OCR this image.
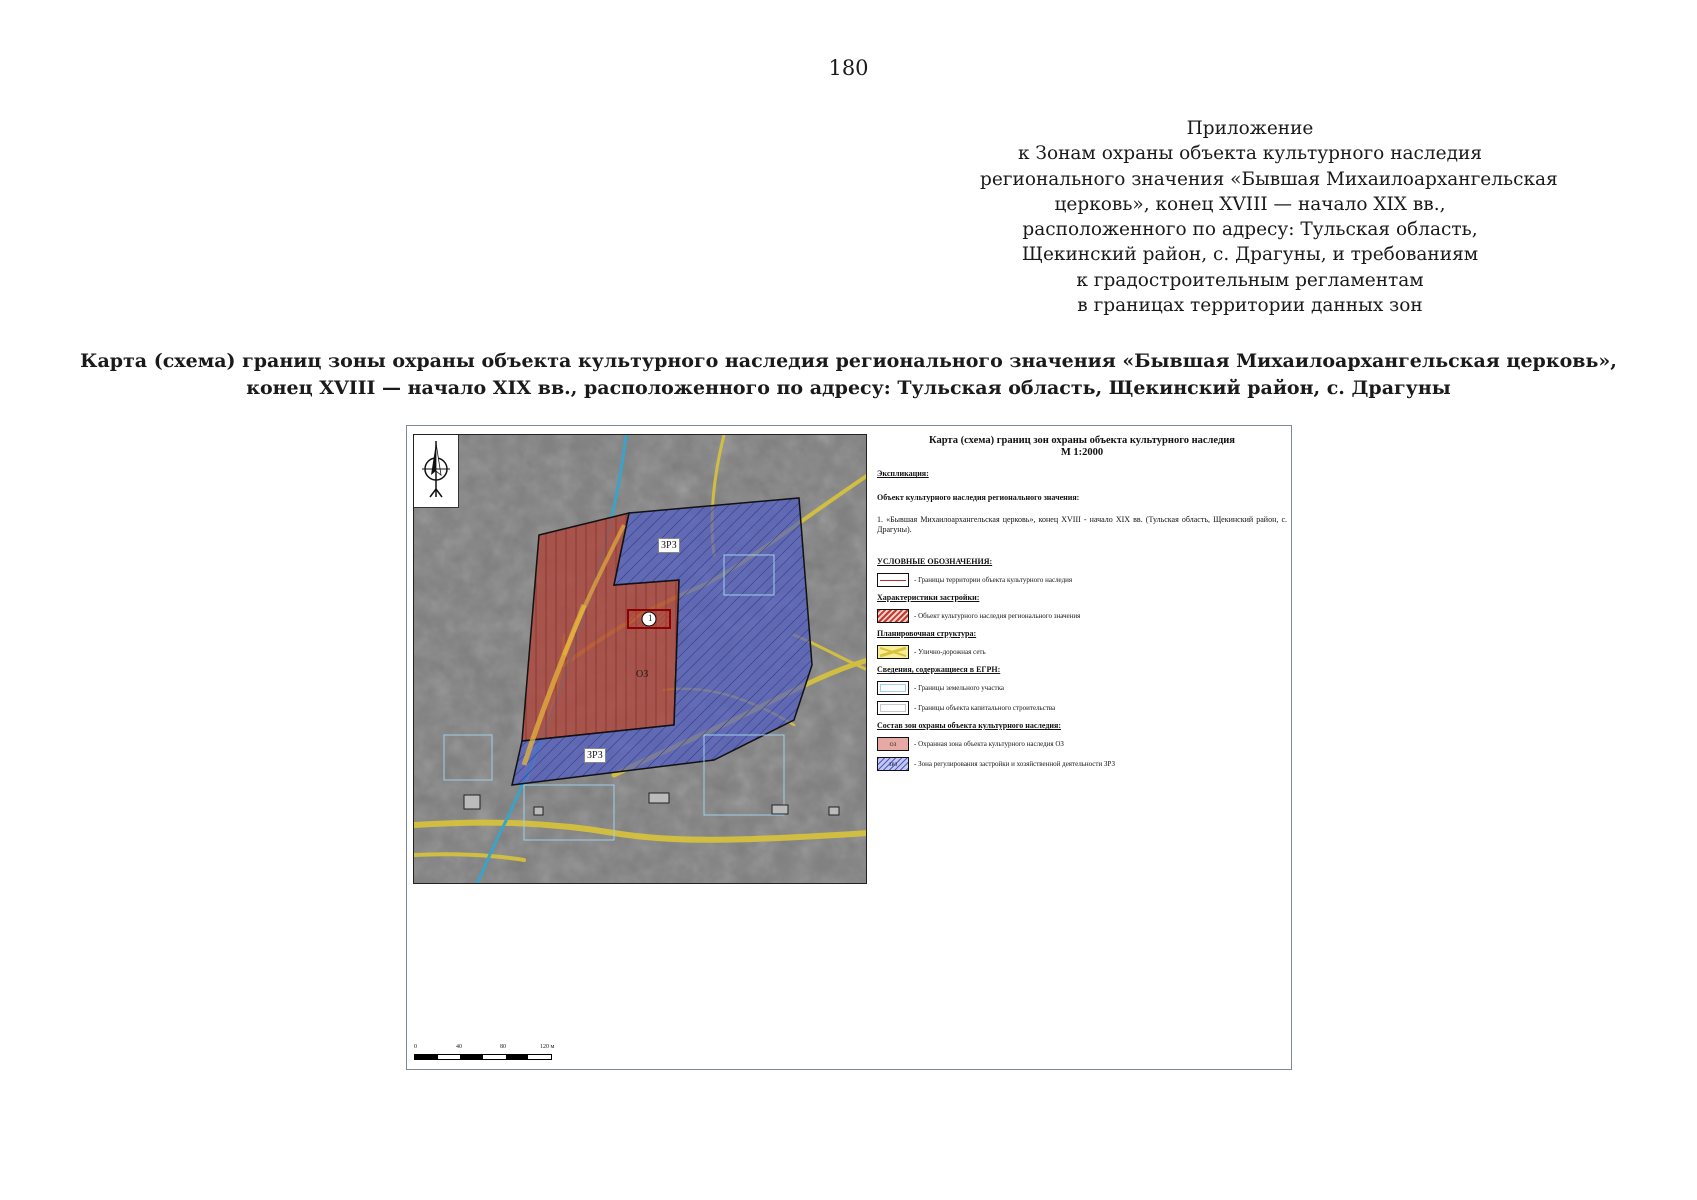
180
Приложение
к Зонам охраны объекта культурного наследия
регионального значения «Бывшая Михаилоархангельская
церковь», конец XVIII — начало XIX вв.,
расположенного по адресу: Тульская область,
Щекинский район, с. Драгуны, и требованиям
к градостроительным регламентам
в границах территории данных зон
Карта (схема) границ зоны охраны объекта культурного наследия регионального значения «Бывшая Михаилоархангельская церковь»,
конец XVIII — начало XIX вв., расположенного по адресу: Тульская область, Щекинский район, с. Драгуны
ЗРЗ
ЗРЗ
ОЗ
1
Карта (схема) границ зон охраны объекта культурного наследия
М 1:2000
Экспликация:
Объект культурного наследия регионального значения:
1. «Бывшая Михаилоархангельская церковь», конец XVIII - начало XIX вв. (Тульская область, Щекинский район, с. Драгуны).
УСЛОВНЫЕ ОБОЗНАЧЕНИЯ:
- Границы территории объекта культурного наследия
Характеристики застройки:
- Объект культурного наследия регионального значения
Планировочная структура:
- Улично-дорожная сеть
Сведения, содержащиеся в ЕГРН:
- Границы земельного участка
- Границы объекта капитального строительства
Состав зон охраны объекта культурного наследия:
ОЗ	- Охранная зона объекта культурного наследия ОЗ
ЗРЗ	- Зона регулирования застройки и хозяйственной деятельности ЗРЗ
0	40	80	120 м
